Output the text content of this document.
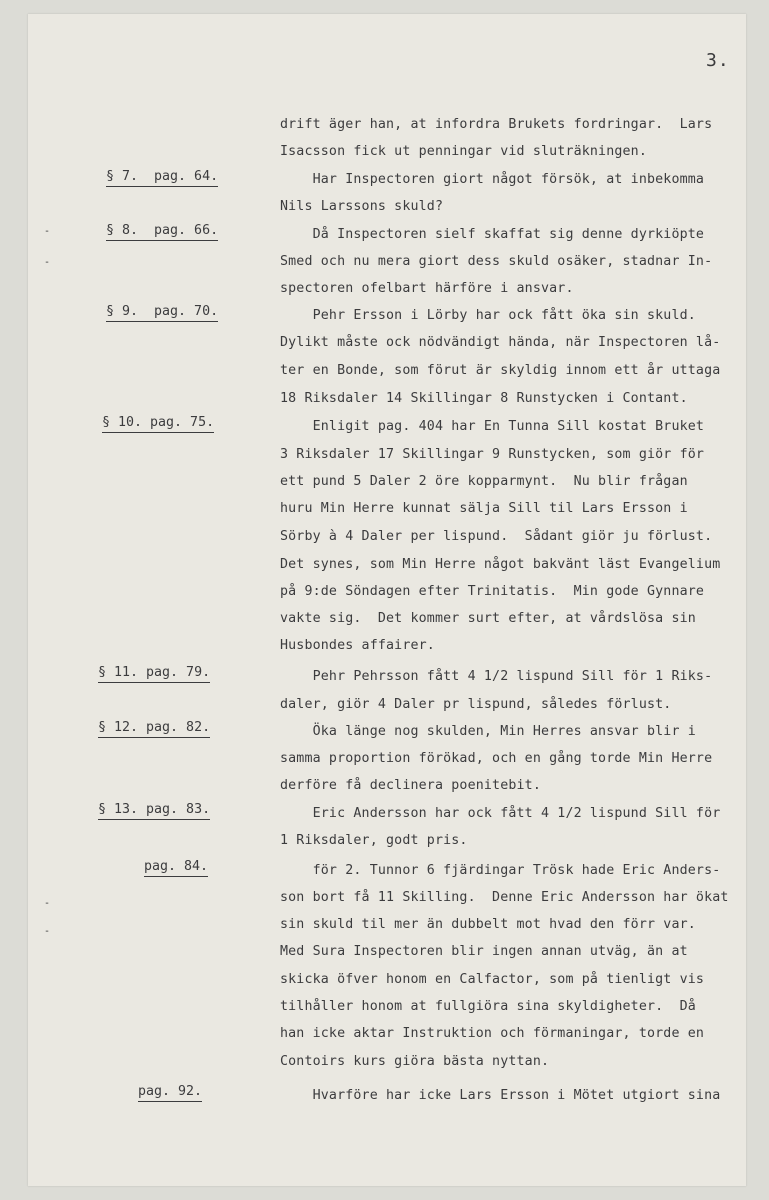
3.
§ 7.  pag. 64.
§ 8.  pag. 66.
§ 9.  pag. 70.
§ 10. pag. 75.
§ 11. pag. 79.
§ 12. pag. 82.
§ 13. pag. 83.
pag. 84.
pag. 92.
drift äger han, at infordra Brukets fordringar.  Lars
Isacsson fick ut penningar vid sluträkningen.
Har Inspectoren giort något försök, at inbekomma
Nils Larssons skuld?
Då Inspectoren sielf skaffat sig denne dyrkiöpte
Smed och nu mera giort dess skuld osäker, stadnar In-
spectoren ofelbart härföre i ansvar.
Pehr Ersson i Lörby har ock fått öka sin skuld.
Dylikt måste ock nödvändigt hända, när Inspectoren lå-
ter en Bonde, som förut är skyldig innom ett år uttaga
18 Riksdaler 14 Skillingar 8 Runstycken i Contant.
Enligit pag. 404 har En Tunna Sill kostat Bruket
3 Riksdaler 17 Skillingar 9 Runstycken, som giör för
ett pund 5 Daler 2 öre kopparmynt.  Nu blir frågan
huru Min Herre kunnat sälja Sill til Lars Ersson i
Sörby à 4 Daler per lispund.  Sådant giör ju förlust.
Det synes, som Min Herre något bakvänt läst Evangelium
på 9:de Söndagen efter Trinitatis.  Min gode Gynnare
vakte sig.  Det kommer surt efter, at vårdslösa sin
Husbondes affairer.
Pehr Pehrsson fått 4 1/2 lispund Sill för 1 Riks-
daler, giör 4 Daler pr lispund, således förlust.
Öka länge nog skulden, Min Herres ansvar blir i
samma proportion förökad, och en gång torde Min Herre
derföre få declinera poenitebit.
Eric Andersson har ock fått 4 1/2 lispund Sill för
1 Riksdaler, godt pris.
för 2. Tunnor 6 fjärdingar Trösk hade Eric Anders-
son bort få 11 Skilling.  Denne Eric Andersson har ökat
sin skuld til mer än dubbelt mot hvad den förr var.
Med Sura Inspectoren blir ingen annan utväg, än at
skicka öfver honom en Calfactor, som på tienligt vis
tilhåller honom at fullgiöra sina skyldigheter.  Då
han icke aktar Instruktion och förmaningar, torde en
Contoirs kurs giöra bästa nyttan.
Hvarföre har icke Lars Ersson i Mötet utgiort sina
-
-
-
-
